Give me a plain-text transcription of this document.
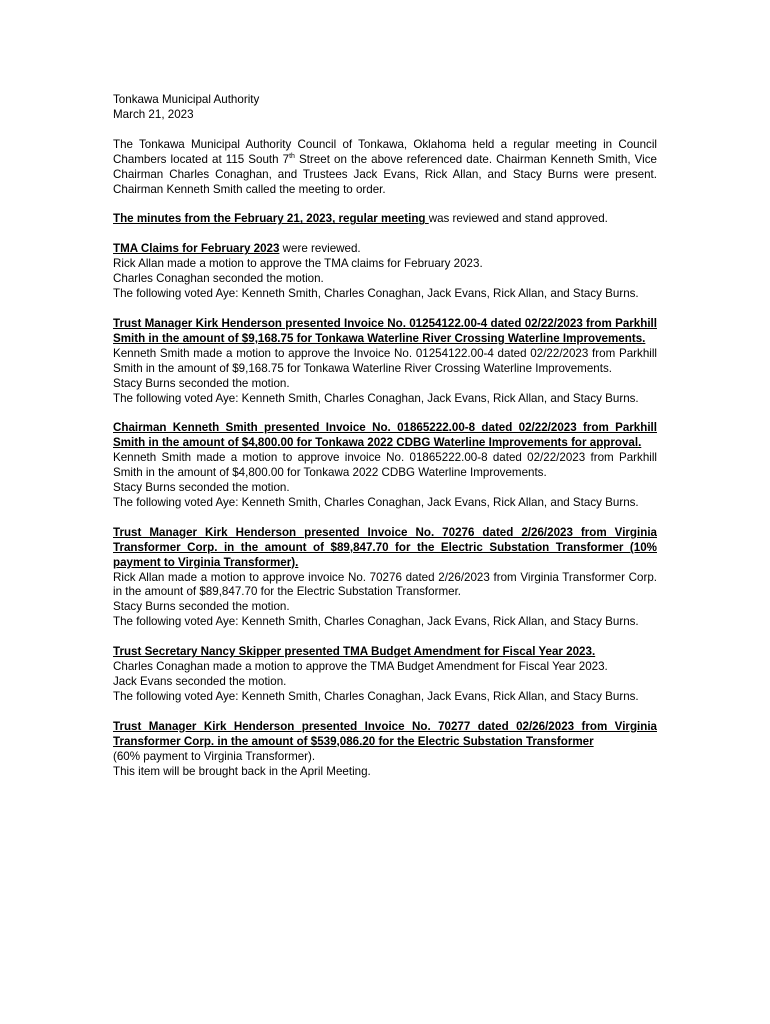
Tonkawa Municipal Authority

March 21, 2023

The Tonkawa Municipal Authority Council of Tonkawa, Oklahoma held a regular meeting in Council Chambers located at 115 South 7th Street on the above referenced date. Chairman Kenneth Smith, Vice Chairman Charles Conaghan, and Trustees Jack Evans, Rick Allan, and Stacy Burns were present. Chairman Kenneth Smith called the meeting to order.

The minutes from the February 21, 2023, regular meeting was reviewed and stand approved.

TMA Claims for February 2023 were reviewed.

Rick Allan made a motion to approve the TMA claims for February 2023.

Charles Conaghan seconded the motion.

The following voted Aye: Kenneth Smith, Charles Conaghan, Jack Evans, Rick Allan, and Stacy Burns.

Trust Manager Kirk Henderson presented Invoice No. 01254122.00-4 dated 02/22/2023 from Parkhill Smith in the amount of $9,168.75 for Tonkawa Waterline River Crossing Waterline Improvements.

Kenneth Smith made a motion to approve the Invoice No. 01254122.00-4 dated 02/22/2023 from Parkhill Smith in the amount of $9,168.75 for Tonkawa Waterline River Crossing Waterline Improvements.

Stacy Burns seconded the motion.

The following voted Aye: Kenneth Smith, Charles Conaghan, Jack Evans, Rick Allan, and Stacy Burns.

Chairman Kenneth Smith presented Invoice No. 01865222.00-8 dated 02/22/2023 from Parkhill Smith in the amount of $4,800.00 for Tonkawa 2022 CDBG Waterline Improvements for approval.

Kenneth Smith made a motion to approve invoice No. 01865222.00-8 dated 02/22/2023 from Parkhill Smith in the amount of $4,800.00 for Tonkawa 2022 CDBG Waterline Improvements.

Stacy Burns seconded the motion.

The following voted Aye: Kenneth Smith, Charles Conaghan, Jack Evans, Rick Allan, and Stacy Burns.

Trust Manager Kirk Henderson presented Invoice No. 70276 dated 2/26/2023 from Virginia Transformer Corp. in the amount of $89,847.70 for the Electric Substation Transformer (10% payment to Virginia Transformer).

Rick Allan made a motion to approve invoice No. 70276 dated 2/26/2023 from Virginia Transformer Corp. in the amount of $89,847.70 for the Electric Substation Transformer.

Stacy Burns seconded the motion.

The following voted Aye: Kenneth Smith, Charles Conaghan, Jack Evans, Rick Allan, and Stacy Burns.

Trust Secretary Nancy Skipper presented TMA Budget Amendment for Fiscal Year 2023.

Charles Conaghan made a motion to approve the TMA Budget Amendment for Fiscal Year 2023.

Jack Evans seconded the motion.

The following voted Aye: Kenneth Smith, Charles Conaghan, Jack Evans, Rick Allan, and Stacy Burns.

Trust Manager Kirk Henderson presented Invoice No. 70277 dated 02/26/2023 from Virginia Transformer Corp. in the amount of $539,086.20 for the Electric Substation Transformer

(60% payment to Virginia Transformer).

This item will be brought back in the April Meeting.
